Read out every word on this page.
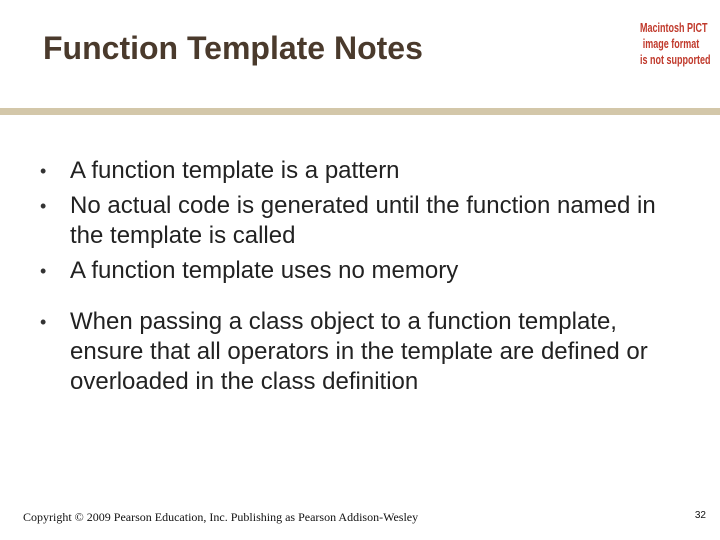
Function Template Notes
Macintosh PICT
image format
is not supported
• A function template is a pattern
• No actual code is generated until the function named in the template is called
• A function template uses no memory
• When passing a class object to a function template, ensure that all operators in the template are defined or overloaded in the class definition
Copyright © 2009 Pearson Education, Inc. Publishing as Pearson Addison-Wesley	32
